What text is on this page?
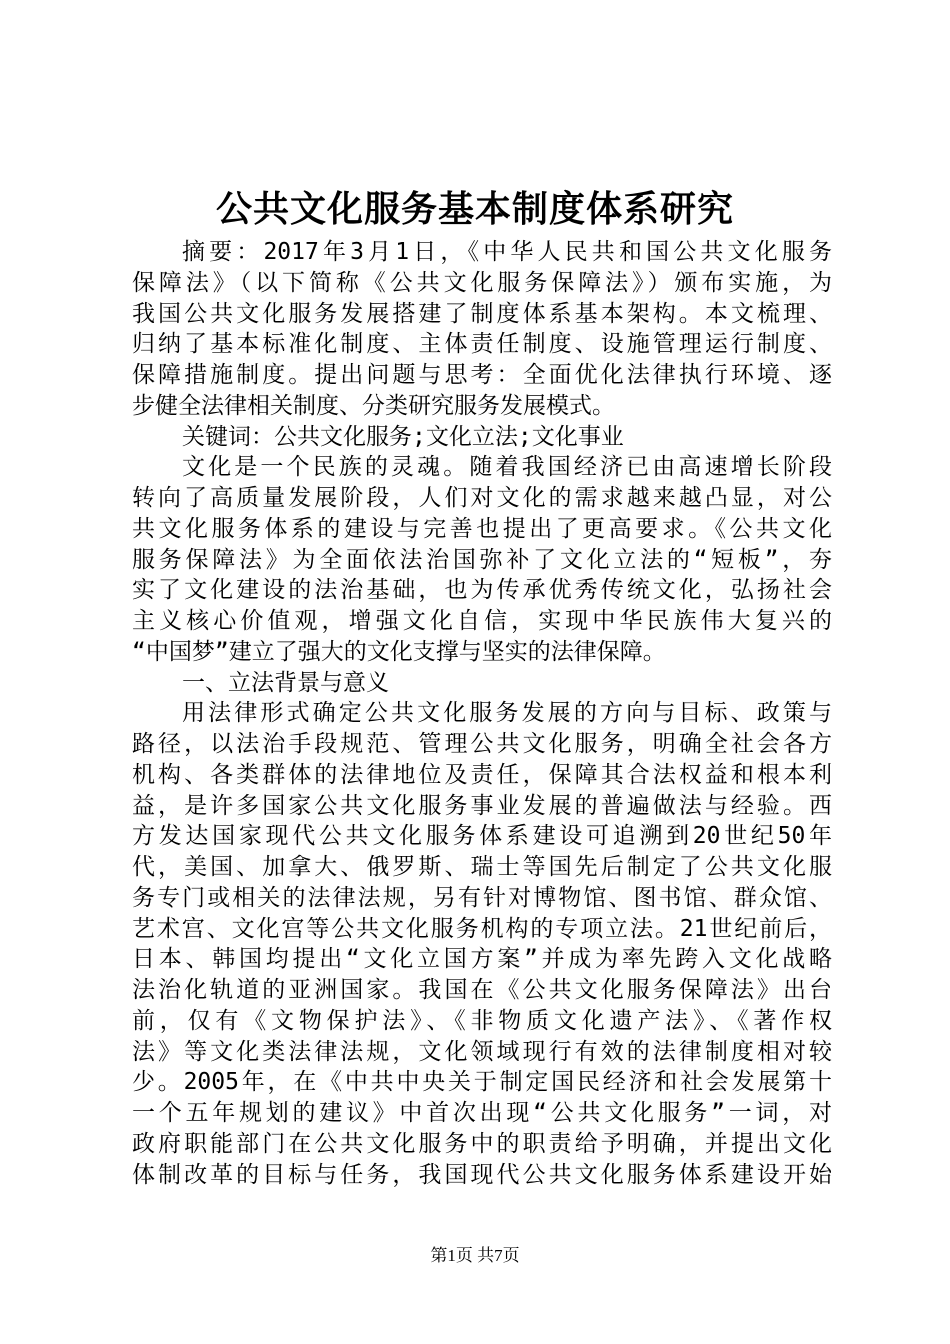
公共文化服务基本制度体系研究
摘要：2017年3月1日，《中华人民共和国公共文化服务
保障法》（以下简称《公共文化服务保障法》）颁布实施，为
我国公共文化服务发展搭建了制度体系基本架构。本文梳理、
归纳了基本标准化制度、主体责任制度、设施管理运行制度、
保障措施制度。提出问题与思考：全面优化法律执行环境、逐
步健全法律相关制度、分类研究服务发展模式。
关键词：公共文化服务;文化立法;文化事业
文化是一个民族的灵魂。随着我国经济已由高速增长阶段
转向了高质量发展阶段，人们对文化的需求越来越凸显，对公
共文化服务体系的建设与完善也提出了更高要求。《公共文化
服务保障法》为全面依法治国弥补了文化立法的“短板”，夯
实了文化建设的法治基础，也为传承优秀传统文化，弘扬社会
主义核心价值观，增强文化自信，实现中华民族伟大复兴的
“中国梦”建立了强大的文化支撑与坚实的法律保障。
一、立法背景与意义
用法律形式确定公共文化服务发展的方向与目标、政策与
路径，以法治手段规范、管理公共文化服务，明确全社会各方
机构、各类群体的法律地位及责任，保障其合法权益和根本利
益，是许多国家公共文化服务事业发展的普遍做法与经验。西
方发达国家现代公共文化服务体系建设可追溯到20世纪50年
代，美国、加拿大、俄罗斯、瑞士等国先后制定了公共文化服
务专门或相关的法律法规，另有针对博物馆、图书馆、群众馆、
艺术宫、文化宫等公共文化服务机构的专项立法。21世纪前后，
日本、韩国均提出“文化立国方案”并成为率先跨入文化战略
法治化轨道的亚洲国家。我国在《公共文化服务保障法》出台
前，仅有《文物保护法》、《非物质文化遗产法》、《著作权
法》等文化类法律法规，文化领域现行有效的法律制度相对较
少。2005年，在《中共中央关于制定国民经济和社会发展第十
一个五年规划的建议》中首次出现“公共文化服务”一词，对
政府职能部门在公共文化服务中的职责给予明确，并提出文化
体制改革的目标与任务，我国现代公共文化服务体系建设开始
第1页 共7页
